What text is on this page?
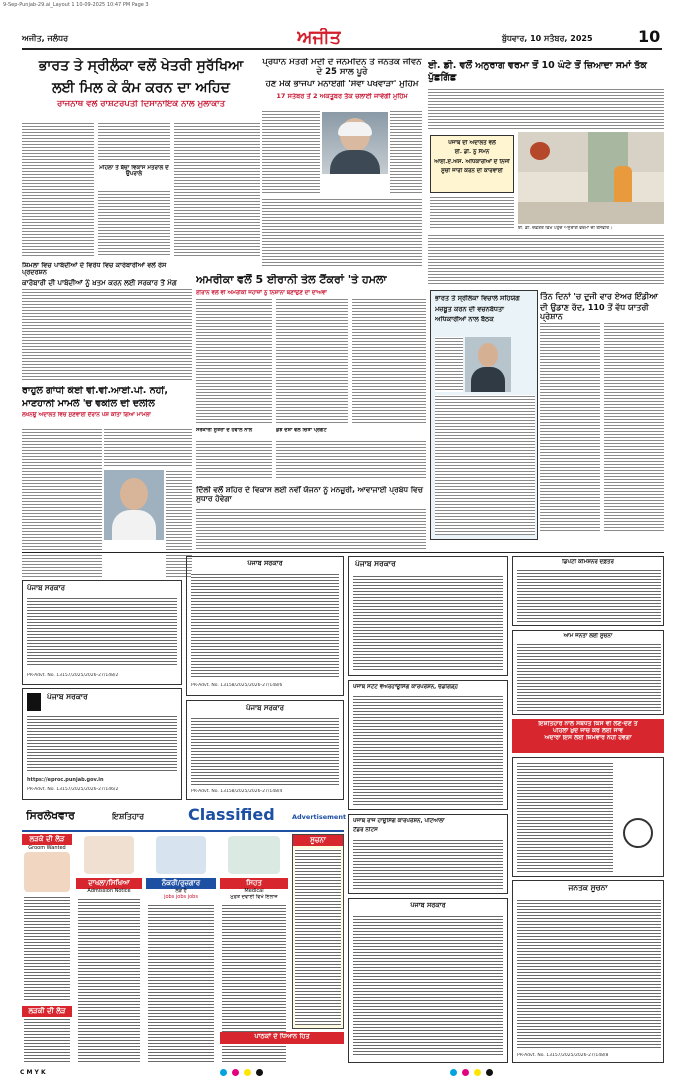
9-Sep-Punjab-29.ai_Layout 1 10-09-2025 10:47 PM Page 3
ਅਜੀਤ, ਜਲੰਧਰ	ਅਜੀਤ	ਬੁੱਧਵਾਰ, 10 ਸਤੰਬਰ, 2025	10
ਭਾਰਤ ਤੇ ਸ੍ਰੀਲੰਕਾ ਵਲੋਂ ਖੇਤਰੀ ਸੁਰੱਖਿਆ
ਲਈ ਮਿਲ ਕੇ ਕੰਮ ਕਰਨ ਦਾ ਅਹਿਦ
ਰਾਜਨਾਥ ਵਲੋਂ ਰਾਸ਼ਟਰਪਤੀ ਦਿਸਾਨਾਇਕੇ ਨਾਲ ਮੁਲਾਕਾਤ
ਮਹਿਲਾ ਤੇ ਬੱਚਾ ਵਿਕਾਸ ਮੰਤਰਾਲੇ ਦੇ ਉਪਰਾਲੇ
ਪ੍ਰਧਾਨ ਮੰਤਰੀ ਮੋਦੀ ਦੇ ਜਨਮਦਿਨ ਤੇ ਜਨਤਕ ਜੀਵਨ ਦੇ 25 ਸਾਲ ਪੂਰੇ
ਹੋਣ ਮੌਕੇ ਭਾਜਪਾ ਮਨਾਏਗੀ 'ਸੇਵਾ ਪਖਵਾੜਾ' ਮੁਹਿੰਮ
17 ਸਤੰਬਰ ਤੋਂ 2 ਅਕਤੂਬਰ ਤੱਕ ਚਲਾਈ ਜਾਵੇਗੀ ਮੁਹਿੰਮ
ਈ. ਡੀ. ਵਲੋਂ ਅਨੁਰਾਗ ਵਰਮਾ ਤੋਂ 10 ਘੰਟੇ ਤੋਂ ਜ਼ਿਆਦਾ ਸਮਾਂ ਤੱਕ ਪੁੱਛਗਿੱਛ
ਪੰਜਾਬ ਦੀ ਅਦਾਲਤ ਵਲੋਂ
ਈ. ਡੀ. ਨੂੰ ਸੰਮਨ
ਆਈ.ਏ.ਐਸ. ਅਧਿਕਾਰੀਆਂ ਦੇ ਨਿਜੀ
ਸੂਚੀ ਜਾਰੀ ਕਰਨ ਦੀ ਕਾਰਵਾਈ
ਈ. ਡੀ. ਦਫ਼ਤਰ ਵਿਖੇ ਪਹੁੰਚੇ ਅਨੁਰਾਗ ਵਰਮਾ ਦੀ ਤਸਵੀਰ।
ਸ਼ਿਮਲਾ ਵਿਚ ਪਾਬੰਦੀਆਂ ਦੇ ਵਿਰੋਧ ਵਿਚ ਕਾਰੋਬਾਰੀਆਂ ਵਲੋਂ ਰੋਸ ਪ੍ਰਦਰਸ਼ਨ
ਕਾਰੋਬਾਰੀ ਦੀ ਪਾਬੰਦੀਆਂ ਨੂੰ ਖ਼ਤਮ ਕਰਨ ਲਈ ਸਰਕਾਰ ਤੋਂ ਮੰਗ
ਰਾਹੁਲ ਗਾਂਧੀ ਕੋਈ ਵੀ.ਵੀ.ਆਈ.ਪੀ. ਨਹੀਂ,
ਮਾਣਹਾਨੀ ਮਾਮਲੇ 'ਚ ਵਕੀਲ ਦੀ ਦਲੀਲ
ਲਖਨਊ ਅਦਾਲਤ ਵਿਚ ਸੁਣਵਾਈ ਦੌਰਾਨ ਪੇਸ਼ ਕੀਤਾ ਗਿਆ ਮਾਮਲਾ
ਅਮਰੀਕਾ ਵਲੋਂ 5 ਈਰਾਨੀ ਤੇਲ ਟੈਂਕਰਾਂ 'ਤੇ ਹਮਲਾ
ਈਰਾਨ ਵਲੋਂ ਵੀ ਅਮਰੀਕੀ ਜਹਾਜ਼ਾਂ ਨੂੰ ਨਿਸ਼ਾਨਾ ਬਣਾਉਣ ਦਾ ਦਾਅਵਾ
ਸਰਕਾਰੀ ਸੂਤਰਾਂ ਦੇ ਹਵਾਲੇ ਨਾਲ	ਕੁਝ ਦੇਸ਼ਾਂ ਵਲੋਂ ਚਿੰਤਾ ਪ੍ਰਗਟ
ਦਿੱਲੀ ਵਲੋਂ ਸ਼ਹਿਰ ਦੇ ਵਿਕਾਸ ਲਈ ਨਵੀਂ ਯੋਜਨਾ ਨੂੰ ਮਨਜ਼ੂਰੀ, ਆਵਾਜਾਈ ਪ੍ਰਬੰਧ ਵਿਚ ਸੁਧਾਰ ਹੋਵੇਗਾ
ਭਾਰਤ ਤੇ ਸ੍ਰੀਲੰਕਾ ਵਿਚਾਲੇ ਸਹਿਯੋਗ
ਮਜ਼ਬੂਤ ਕਰਨ ਦੀ ਵਚਨਬੱਧਤਾ
ਅਧਿਕਾਰੀਆਂ ਨਾਲ ਬੈਠਕ
ਤਿੰਨ ਦਿਨਾਂ 'ਚ ਦੂਜੀ ਵਾਰ ਏਅਰ ਇੰਡੀਆ
ਦੀ ਉਡਾਣ ਰੱਦ, 110 ਤੋਂ ਵੱਧ ਯਾਤਰੀ ਪ੍ਰੇਸ਼ਾਨ
ਪੰਜਾਬ ਸਰਕਾਰ
PR-Advt. No. 13157/2025/2026-27/148/2
ਪੰਜਾਬ ਸਰਕਾਰ
https://eproc.punjab.gov.in
PR-Advt. No. 13157/2025/2026-27/146/2
ਪੰਜਾਬ ਸਰਕਾਰ
PR-Advt. No. 13158/2025/2026-27/148/6
ਪੰਜਾਬ ਸਰਕਾਰ
PR-Advt. No. 13158/2025/2026-27/148/4
ਪੰਜਾਬ ਸਰਕਾਰ
ਪੰਜਾਬ ਸਟੇਟ ਵੇਅਰਹਾਊਸਿੰਗ ਕਾਰਪੋਰੇਸ਼ਨ, ਚੰਡੀਗੜ੍ਹ
ਪੰਜਾਬ ਰਾਜ ਹਾਊਸਿੰਗ ਕਾਰਪੋਰੇਸ਼ਨ, ਪਟਿਆਲਾ
ਟੈਂਡਰ ਨੋਟਿਸ
ਪੰਜਾਬ ਸਰਕਾਰ
ਡਿਪਟੀ ਕਮਿਸ਼ਨਰ ਦਫ਼ਤਰ
ਆਮ ਜਨਤਾ ਲਈ ਸੂਚਨਾ
ਇਸ਼ਤਿਹਾਰ ਨਾਲ ਸਬੰਧਤ ਕਿਸੇ ਵੀ ਲੈਣ-ਦੇਣ ਤੋਂ
ਪਹਿਲਾਂ ਖ਼ੁਦ ਜਾਂਚ ਕਰ ਲਈ ਜਾਵੇ
ਅਦਾਰਾ ਇਸ ਲਈ ਜ਼ਿੰਮੇਵਾਰ ਨਹੀਂ ਹੋਵੇਗਾ
ਜਨਤਕ ਸੂਚਨਾ
PR-Advt. No. 13157/2025/2026-27/148/8
ਸਿਰਲੇਖਵਾਰ	ਇਸ਼ਤਿਹਾਰ	Classified	Advertisement
ਲੜਕੇ ਦੀ ਲੋੜ
Groom Wanted
ਲੜਕੀ ਦੀ ਲੋੜ
ਦਾਖਲਾ/ਸਿਖਿਆ
Admission Notice
ਨੌਕਰੀ/ਰੁਜ਼ਗਾਰ
ਲੋੜ ਹੈ
jobs jobs jobs
ਸਿਹਤ
Medical
ਮੁਫ਼ਤ ਦਵਾਈ ਵਿਖੇ ਇਲਾਜ
ਸੂਚਨਾ
ਪਾਠਕਾਂ ਦੇ ਧਿਆਨ ਹਿਤ
C M Y K
